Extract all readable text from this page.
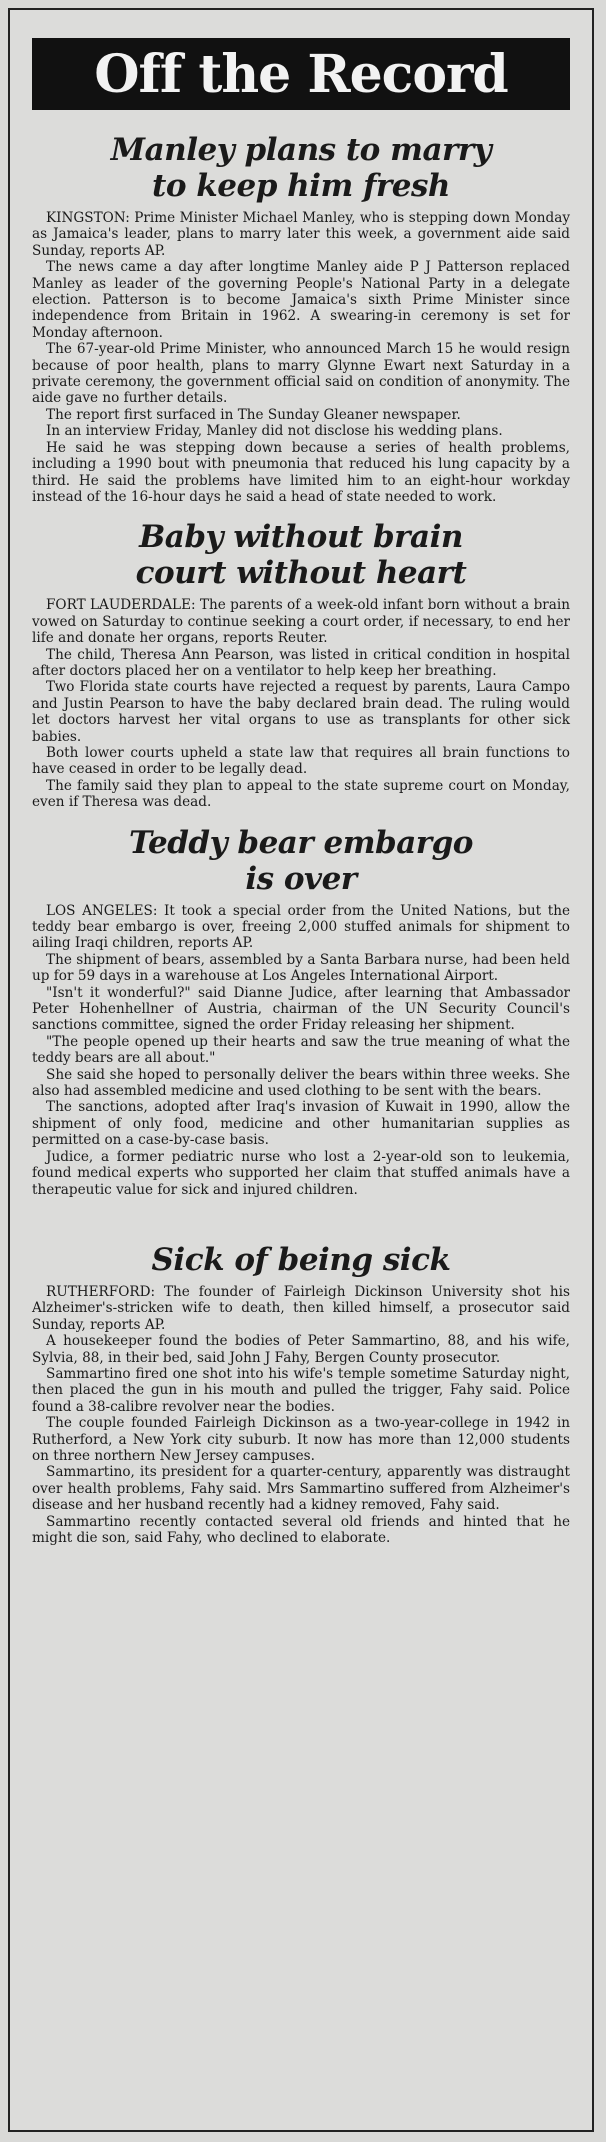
Off the Record
Manley plans to marry
to keep him fresh

KINGSTON: Prime Minister Michael Manley, who is stepping down Monday as Jamaica's leader, plans to marry later this week, a government aide said Sunday, reports AP.

The news came a day after longtime Manley aide P J Patterson replaced Manley as leader of the governing People's National Party in a delegate election. Patterson is to become Jamaica's sixth Prime Minister since independence from Britain in 1962. A swearing-in ceremony is set for Monday afternoon.

The 67-year-old Prime Minister, who announced March 15 he would resign because of poor health, plans to marry Glynne Ewart next Saturday in a private ceremony, the government official said on condition of anonymity. The aide gave no further details.

The report first surfaced in The Sunday Gleaner newspaper.

In an interview Friday, Manley did not disclose his wedding plans.

He said he was stepping down because a series of health problems, including a 1990 bout with pneumonia that reduced his lung capacity by a third. He said the problems have limited him to an eight-hour workday instead of the 16-hour days he said a head of state needed to work.

Baby without brain
court without heart

FORT LAUDERDALE: The parents of a week-old infant born without a brain vowed on Saturday to continue seeking a court order, if necessary, to end her life and donate her organs, reports Reuter.

The child, Theresa Ann Pearson, was listed in critical condition in hospital after doctors placed her on a ventilator to help keep her breathing.

Two Florida state courts have rejected a request by parents, Laura Campo and Justin Pearson to have the baby declared brain dead. The ruling would let doctors harvest her vital organs to use as transplants for other sick babies.

Both lower courts upheld a state law that requires all brain functions to have ceased in order to be legally dead.

The family said they plan to appeal to the state supreme court on Monday, even if Theresa was dead.

Teddy bear embargo
is over

LOS ANGELES: It took a special order from the United Nations, but the teddy bear embargo is over, freeing 2,000 stuffed animals for shipment to ailing Iraqi children, reports AP.

The shipment of bears, assembled by a Santa Barbara nurse, had been held up for 59 days in a warehouse at Los Angeles International Airport.

"Isn't it wonderful?" said Dianne Judice, after learning that Ambassador Peter Hohenhellner of Austria, chairman of the UN Security Council's sanctions committee, signed the order Friday releasing her shipment.

"The people opened up their hearts and saw the true meaning of what the teddy bears are all about."

She said she hoped to personally deliver the bears within three weeks. She also had assembled medicine and used clothing to be sent with the bears.

The sanctions, adopted after Iraq's invasion of Kuwait in 1990, allow the shipment of only food, medicine and other humanitarian supplies as permitted on a case-by-case basis.

Judice, a former pediatric nurse who lost a 2-year-old son to leukemia, found medical experts who supported her claim that stuffed animals have a therapeutic value for sick and injured children.

Sick of being sick

RUTHERFORD: The founder of Fairleigh Dickinson University shot his Alzheimer's-stricken wife to death, then killed himself, a prosecutor said Sunday, reports AP.

A housekeeper found the bodies of Peter Sammartino, 88, and his wife, Sylvia, 88, in their bed, said John J Fahy, Bergen County prosecutor.

Sammartino fired one shot into his wife's temple sometime Saturday night, then placed the gun in his mouth and pulled the trigger, Fahy said. Police found a 38-calibre revolver near the bodies.

The couple founded Fairleigh Dickinson as a two-year-college in 1942 in Rutherford, a New York city suburb. It now has more than 12,000 students on three northern New Jersey campuses.

Sammartino, its president for a quarter-century, apparently was distraught over health problems, Fahy said. Mrs Sammartino suffered from Alzheimer's disease and her husband recently had a kidney removed, Fahy said.

Sammartino recently contacted several old friends and hinted that he might die son, said Fahy, who declined to elaborate.
